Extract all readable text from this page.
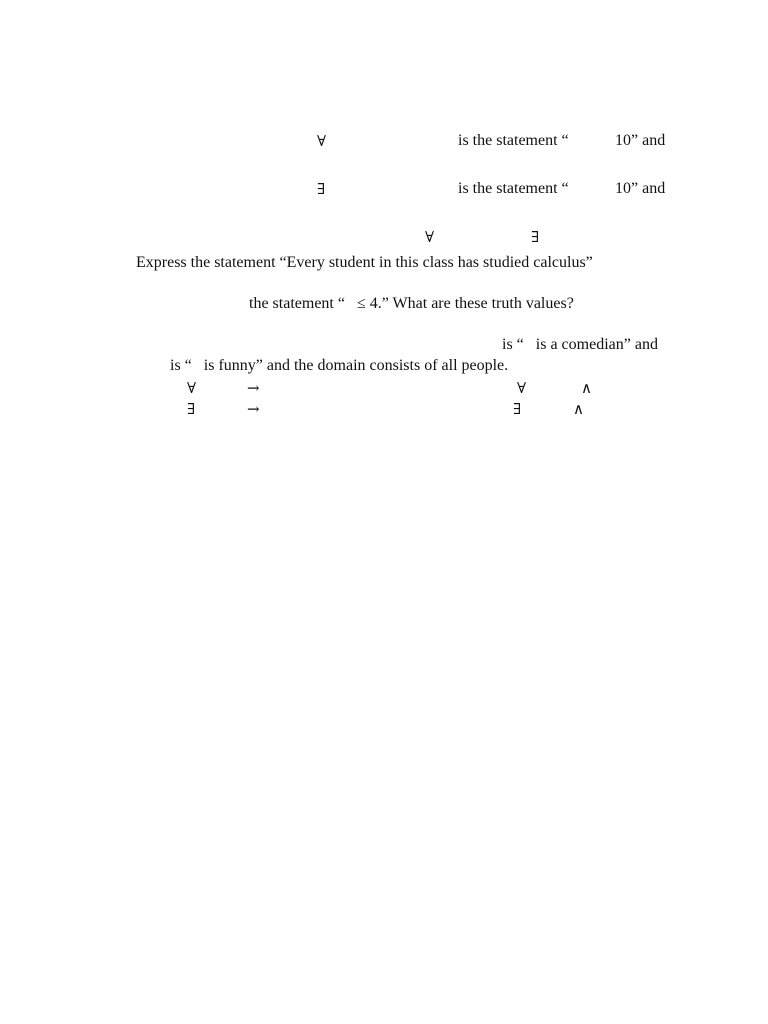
∀	is the statement “	10” and
∃	is the statement “	10” and
∀	∃
Express the statement “Every student in this class has studied calculus”
the statement “   ≤ 4.” What are these truth values?
is “   is a comedian” and
is “   is funny” and the domain consists of all people.
∀	→	∀	∧
∃	→	∃	∧
